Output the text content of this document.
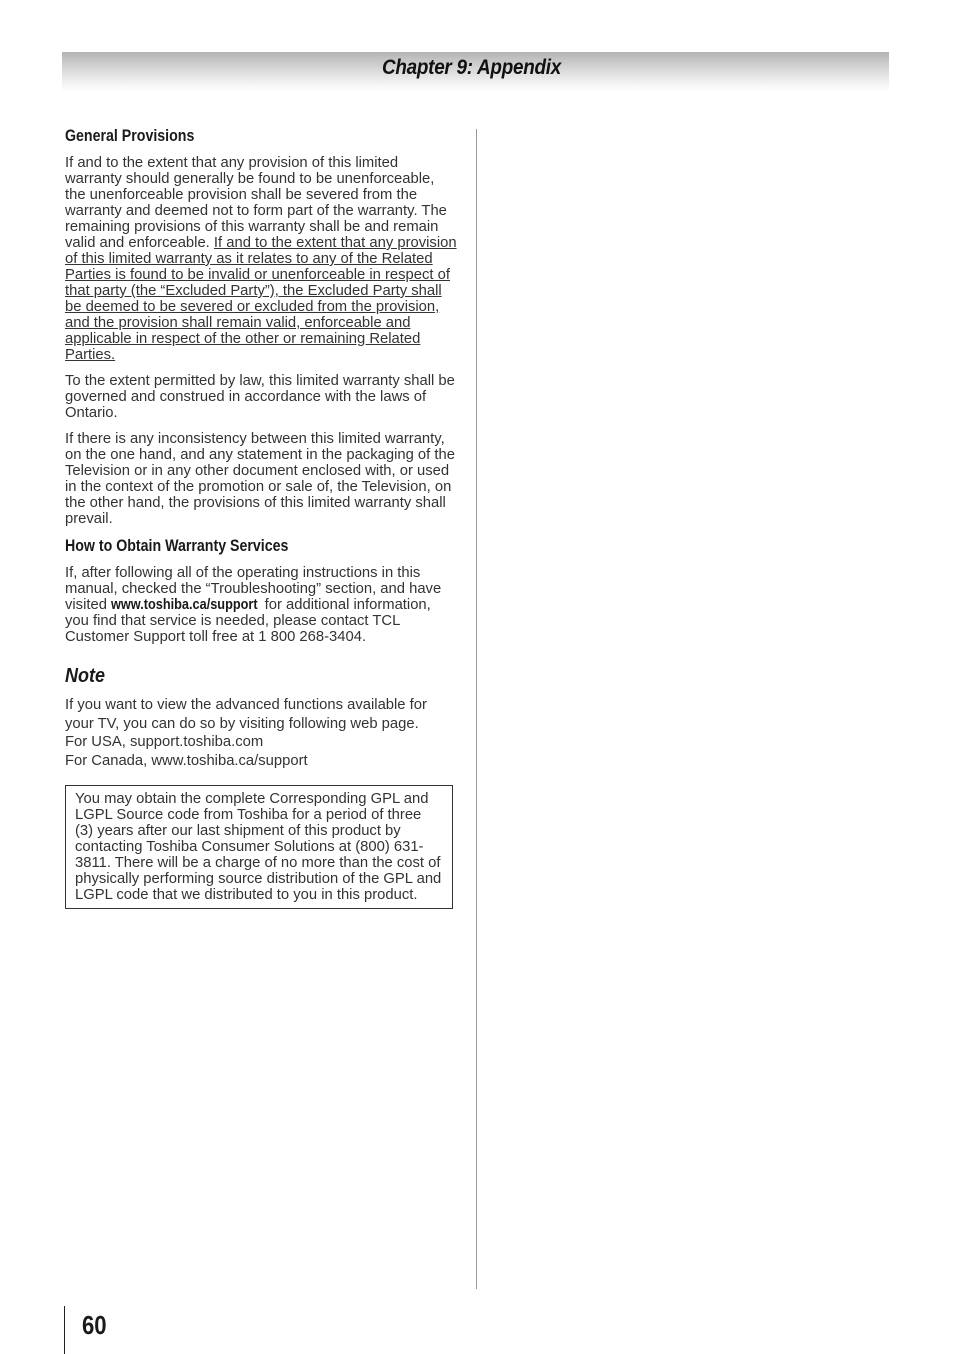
Chapter 9: Appendix
General Provisions

If and to the extent that any provision of this limited warranty should generally be found to be unenforceable, the unenforceable provision shall be severed from the warranty and deemed not to form part of the warranty. The remaining provisions of this warranty shall be and remain valid and enforceable. If and to the extent that any provision of this limited warranty as it relates to any of the Related Parties is found to be invalid or unenforceable in respect of that party (the “Excluded Party”), the Excluded Party shall be deemed to be severed or excluded from the provision, and the provision shall remain valid, enforceable and applicable in respect of the other or remaining Related Parties.

To the extent permitted by law, this limited warranty shall be governed and construed in accordance with the laws of Ontario.

If there is any inconsistency between this limited warranty, on the one hand, and any statement in the packaging of the Television or in any other document enclosed with, or used in the context of the promotion or sale of, the Television, on the other hand, the provisions of this limited warranty shall prevail.

How to Obtain Warranty Services

If, after following all of the operating instructions in this manual, checked the “Troubleshooting” section, and have visited www.toshiba.ca/support for additional information, you find that service is needed, please contact TCL Customer Support toll free at 1 800 268-3404.

Note

If you want to view the advanced functions available for your TV, you can do so by visiting following web page.

For USA, support.toshiba.com

For Canada, www.toshiba.ca/support

You may obtain the complete Corresponding GPL and LGPL Source code from Toshiba for a period of three (3) years after our last shipment of this product by contacting Toshiba Consumer Solutions at (800) 631-3811. There will be a charge of no more than the cost of physically performing source distribution of the GPL and LGPL code that we distributed to you in this product.
60
